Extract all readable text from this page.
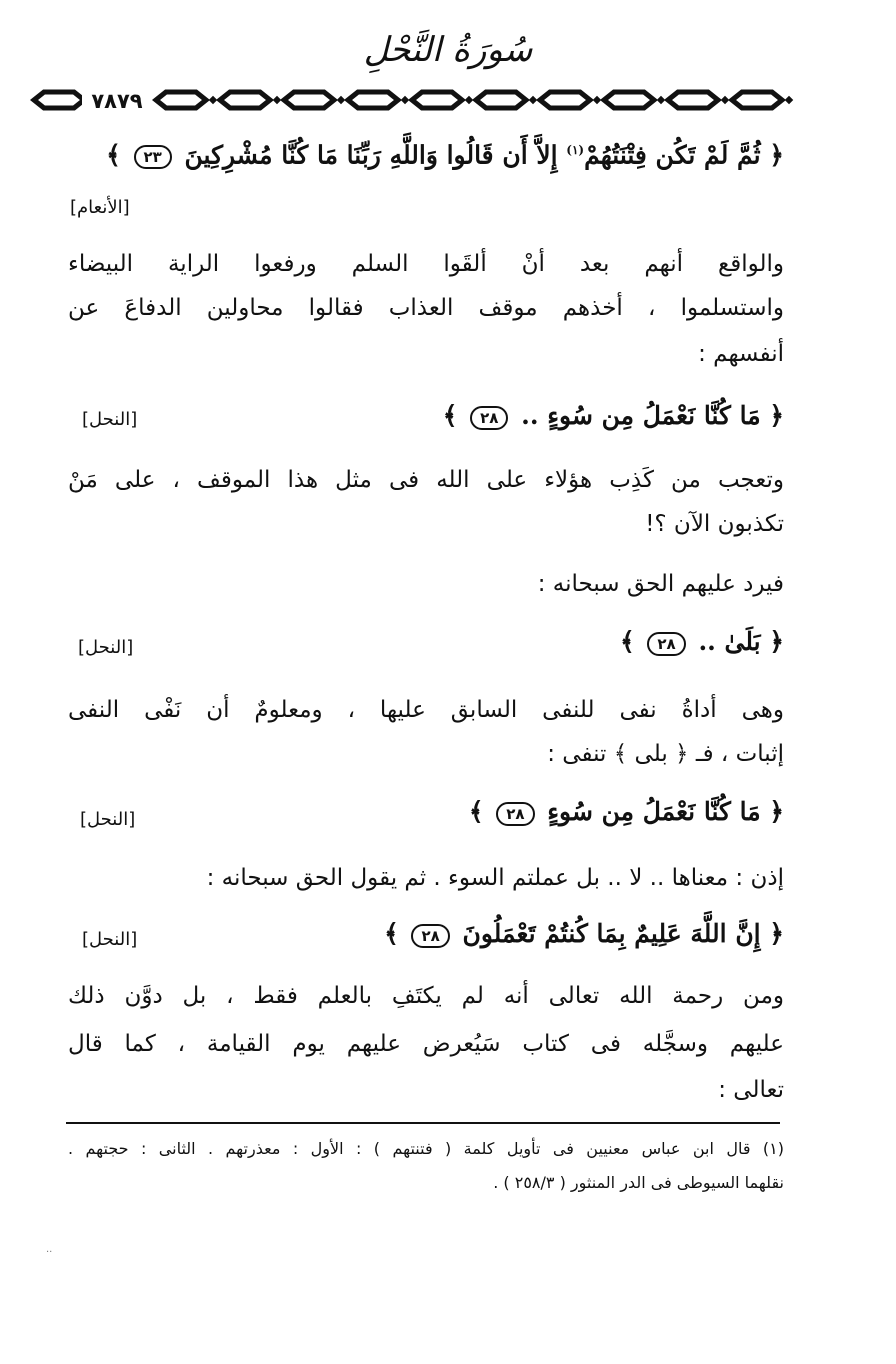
سُورَةُ النَّحْلِ
٧٨٧٩
﴿ ثُمَّ لَمْ تَكُن فِتْنَتُهُمْ$^{(١)}$ إِلاَّ أَن قَالُوا وَاللَّهِ رَبِّنَا مَا كُنَّا مُشْرِكِينَ ٢٣ ﴾
[الأنعام]
والواقع أنهم بعد أنْ ألقَوا السلم ورفعوا الراية البيضاء
واستسلموا ، أخذهم موقف العذاب فقالوا محاولين الدفاعَ عن
أنفسهم :
﴿ مَا كُنَّا نَعْمَلُ مِن سُوءٍ .. ٢٨ ﴾
[النحل]
وتعجب من كَذِب هؤلاء على الله فى مثل هذا الموقف ، على مَنْ
تكذبون الآن ؟!
فيرد عليهم الحق سبحانه :
﴿ بَلَىٰ .. ٢٨ ﴾
[النحل]
وهى أداةُ نفى للنفى السابق عليها ، ومعلومٌ أن نَفْى النفى
إثبات ، فـ ﴿ بلى ﴾ تنفى :
﴿ مَا كُنَّا نَعْمَلُ مِن سُوءٍ ٢٨ ﴾
[النحل]
إذن : معناها .. لا .. بل عملتم السوء . ثم يقول الحق سبحانه :
﴿ إِنَّ اللَّهَ عَلِيمٌ بِمَا كُنتُمْ تَعْمَلُونَ ٢٨ ﴾
[النحل]
ومن رحمة الله تعالى أنه لم يكتَفِ بالعلم فقط ، بل دوَّن ذلك
عليهم وسجَّله فى كتاب سَيُعرض عليهم يوم القيامة ، كما قال
تعالى :
(١) قال ابن عباس معنيين فى تأويل كلمة ( فتنتهم ) : الأول : معذرتهم . الثانى : حجتهم .
نقلهما السيوطى فى الدر المنثور ( ٢٥٨/٣ ) .
..
